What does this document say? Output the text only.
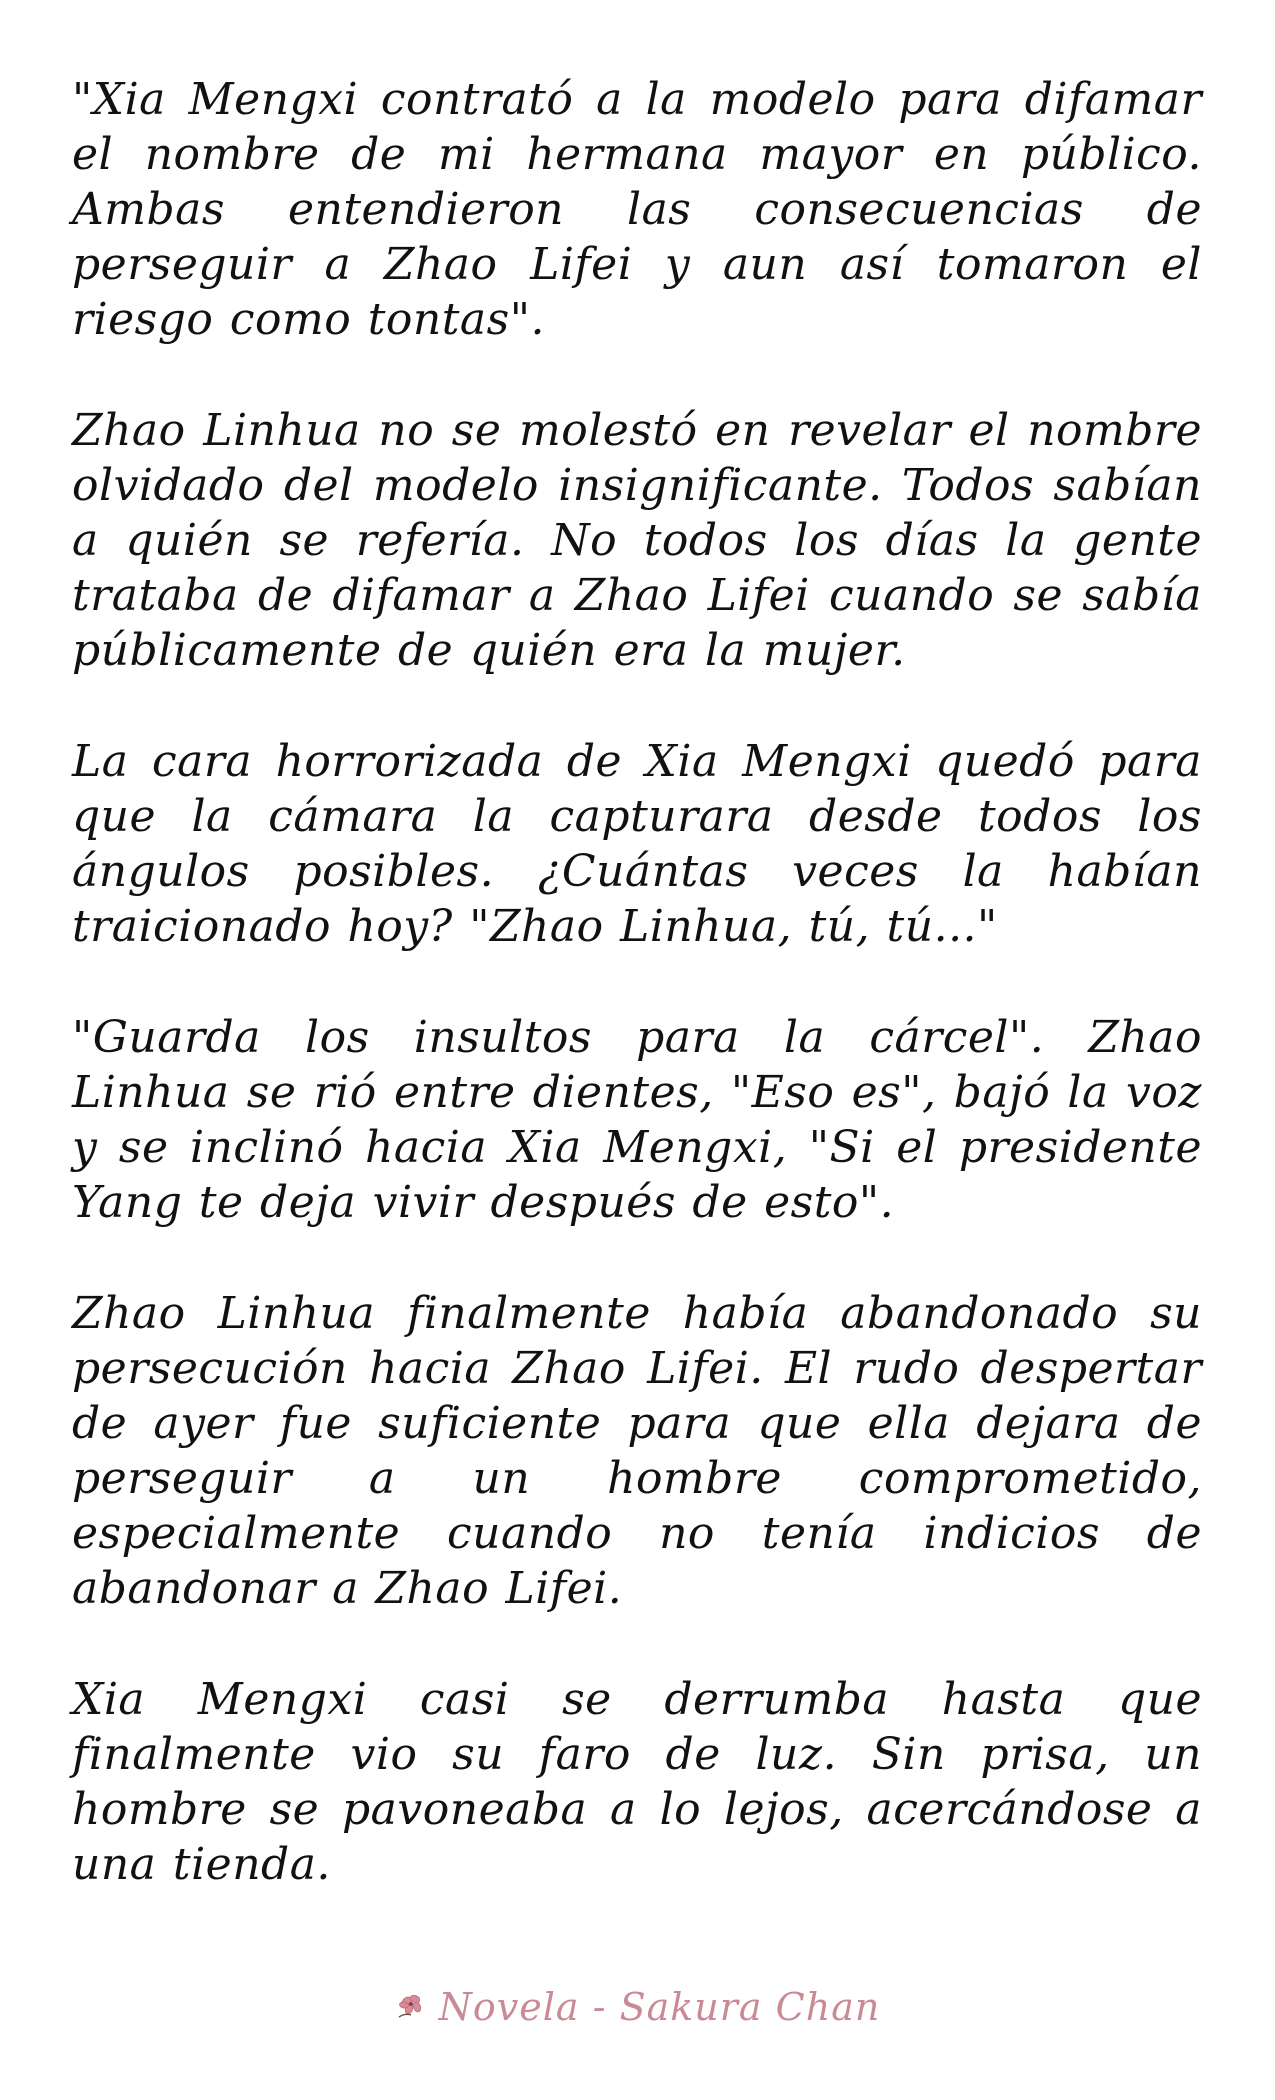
"Xia Mengxi contrató a la modelo para difamar el nombre de mi hermana mayor en público. Ambas entendieron las consecuencias de perseguir a Zhao Lifei y aun así tomaron el riesgo como tontas".

Zhao Linhua no se molestó en revelar el nombre olvidado del modelo insignificante. Todos sabían a quién se refería. No todos los días la gente trataba de difamar a Zhao Lifei cuando se sabía públicamente de quién era la mujer.

La cara horrorizada de Xia Mengxi quedó para que la cámara la capturara desde todos los ángulos posibles. ¿Cuántas veces la habían traicionado hoy? "Zhao Linhua, tú, tú..."

"Guarda los insultos para la cárcel". Zhao Linhua se rió entre dientes, "Eso es", bajó la voz y se inclinó hacia Xia Mengxi, "Si el presidente Yang te deja vivir después de esto".

Zhao Linhua finalmente había abandonado su persecución hacia Zhao Lifei. El rudo despertar de ayer fue suficiente para que ella dejara de perseguir a un hombre comprometido, especialmente cuando no tenía indicios de abandonar a Zhao Lifei.

Xia Mengxi casi se derrumba hasta que finalmente vio su faro de luz. Sin prisa, un hombre se pavoneaba a lo lejos, acercándose a una tienda.

Novela - Sakura Chan
